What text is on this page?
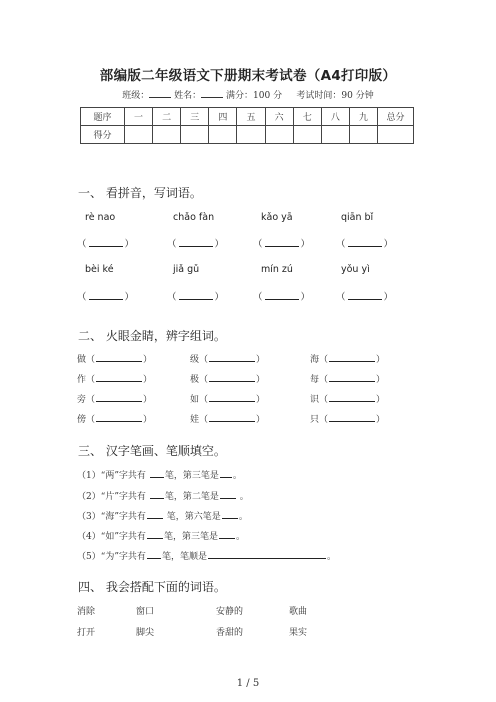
部编版二年级语文下册期末考试卷（A4打印版）
班级：	姓名：	满分：100 分 考试时间：90 分钟
题序	一	二	三	四	五	六	七	八	九	总分
得分										
一、 看拼音，写词语。
rè nao	chǎo fàn	kǎo yā	qiān bǐ
（	）	（	）	（	）	（	）
bèi ké	jiǎ gǔ	mín zú	yǒu yì
（	）	（	）	（	）	（	）
二、 火眼金睛，辨字组词。
做（	）	级（	）	海（	）
作（	）	极（	）	每（	）
旁（	）	如（	）	识（	）
傍（	）	娃（	）	只（	）
三、 汉字笔画、笔顺填空。
（1）“两”字共有 笔，第三笔是 。
（2）“片”字共有 笔，第二笔是 。
（3）“海”字共有 笔，第六笔是 。
（4）“如”字共有 笔，第三笔是 。
（5）“为”字共有 笔，笔顺是	。
四、 我会搭配下面的词语。
消除	窗口	安静的	歌曲
打开	脚尖	香甜的	果实
1 / 5
